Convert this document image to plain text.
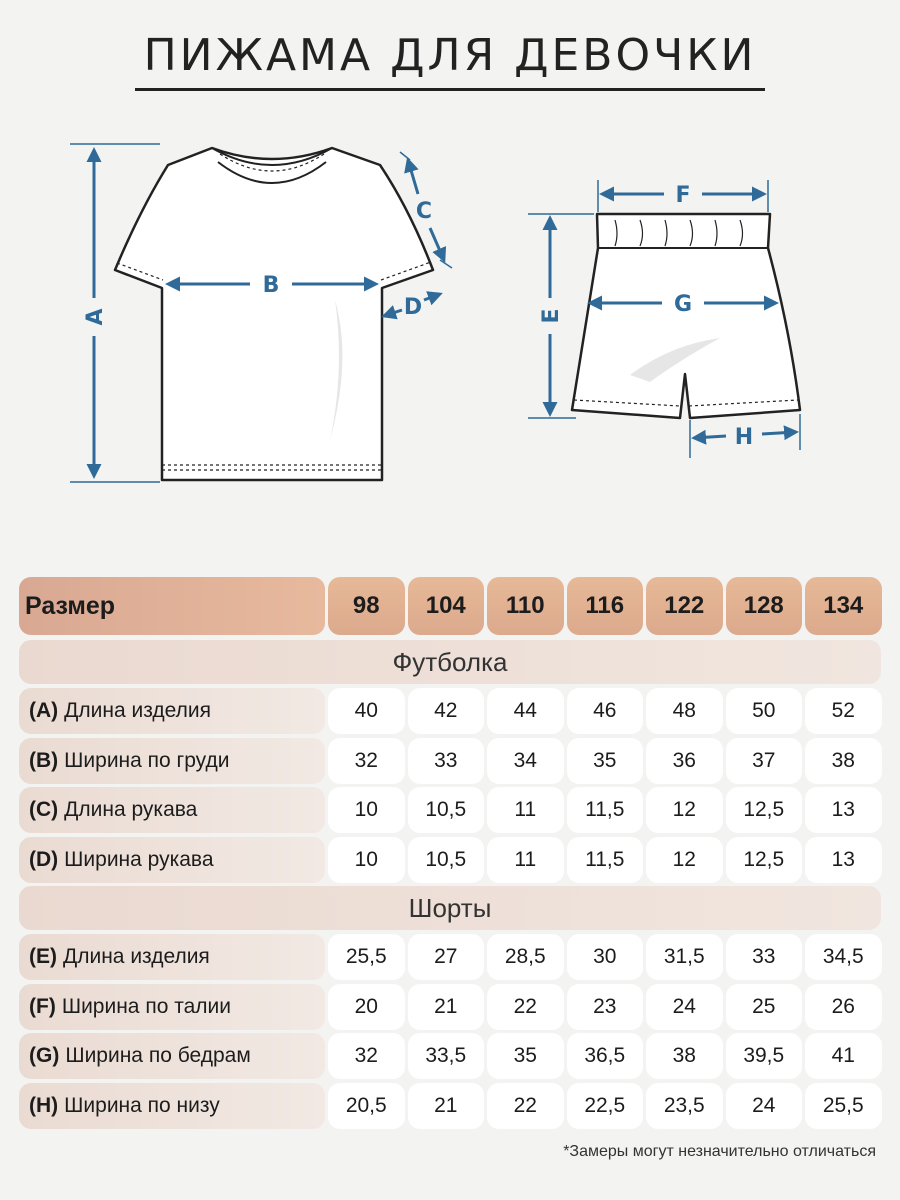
ПИЖАМА ДЛЯ ДЕВОЧКИ
A
B
C
D
F
E	G
H
Размер	98	104	110	116	122	128	134
Футболка
(A) Длина изделия	40	42	44	46	48	50	52
(B) Ширина по груди	32	33	34	35	36	37	38
(C) Длина рукава	10	10,5	11	11,5	12	12,5	13
(D) Ширина рукава	10	10,5	11	11,5	12	12,5	13
Шорты
(E) Длина изделия	25,5	27	28,5	30	31,5	33	34,5
(F) Ширина по талии	20	21	22	23	24	25	26
(G) Ширина по бедрам	32	33,5	35	36,5	38	39,5	41
(H) Ширина по низу	20,5	21	22	22,5	23,5	24	25,5
*Замеры могут незначительно отличаться
